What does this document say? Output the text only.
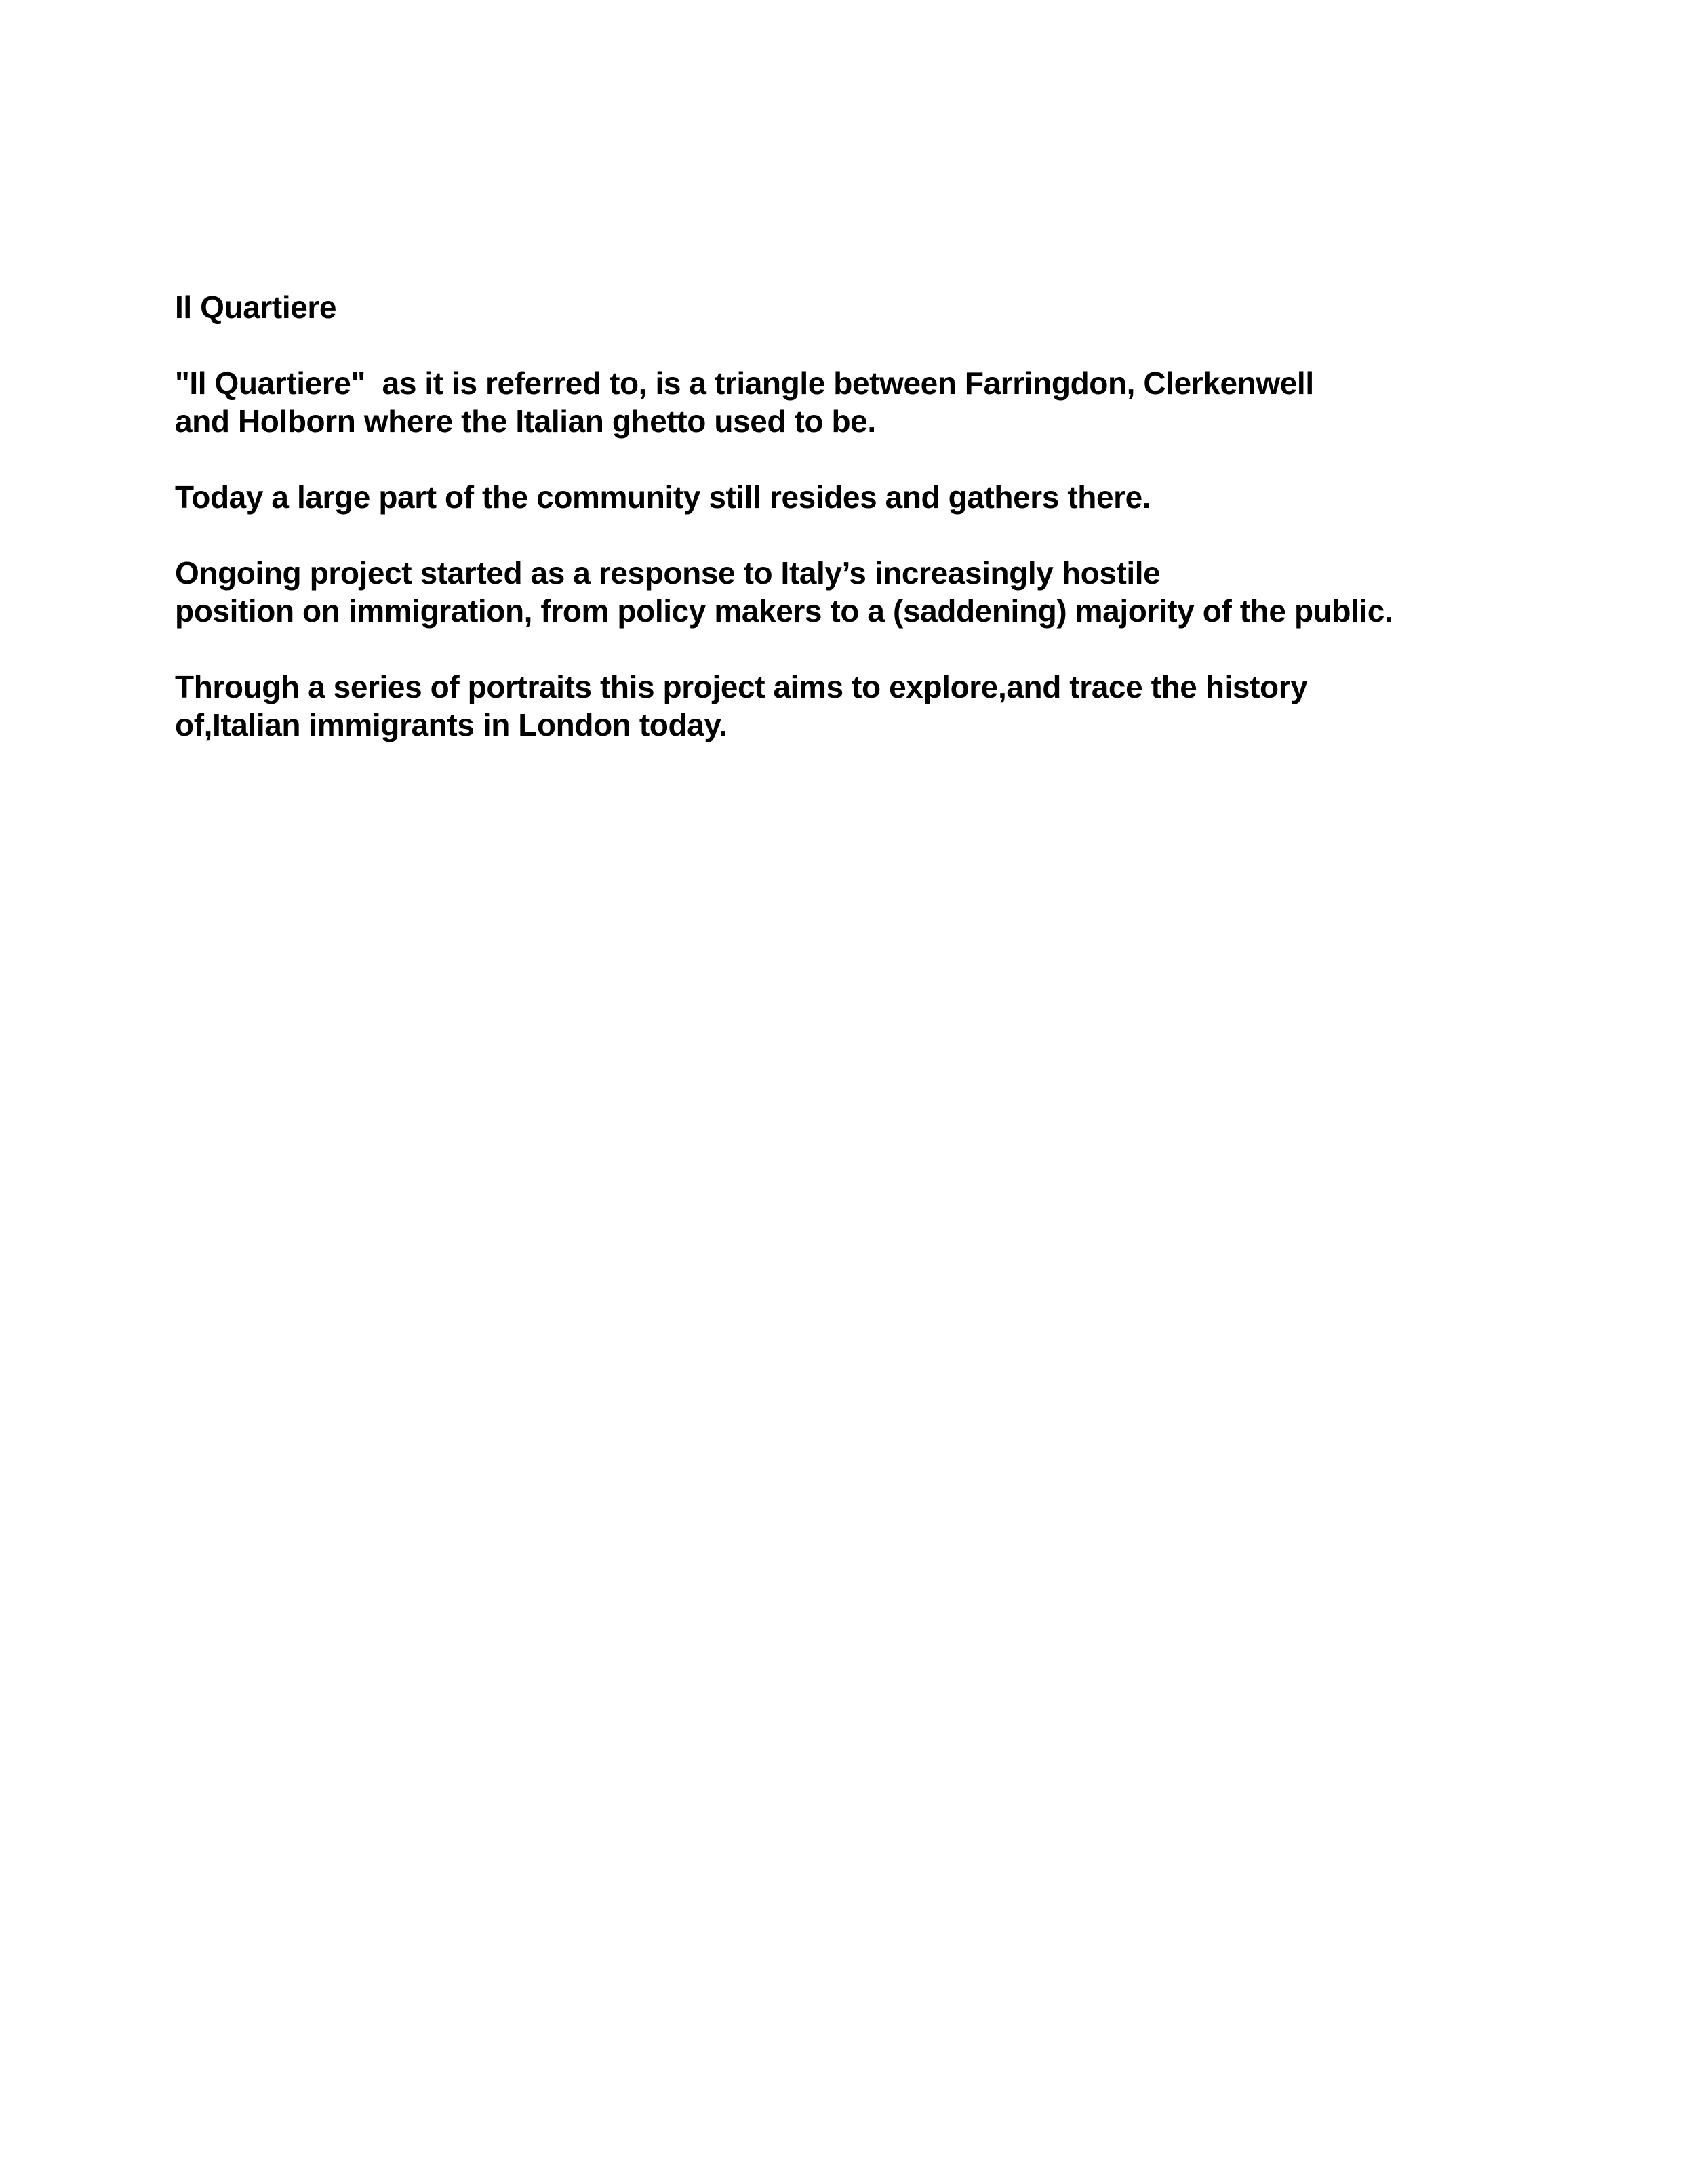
Il Quartiere
"Il Quartiere"  as it is referred to, is a triangle between Farringdon, Clerkenwell
and Holborn where the Italian ghetto used to be.
Today a large part of the community still resides and gathers there.
Ongoing project started as a response to Italy’s increasingly hostile
position on immigration, from policy makers to a (saddening) majority of the public.
Through a series of portraits this project aims to explore,and trace the history
of,Italian immigrants in London today.
